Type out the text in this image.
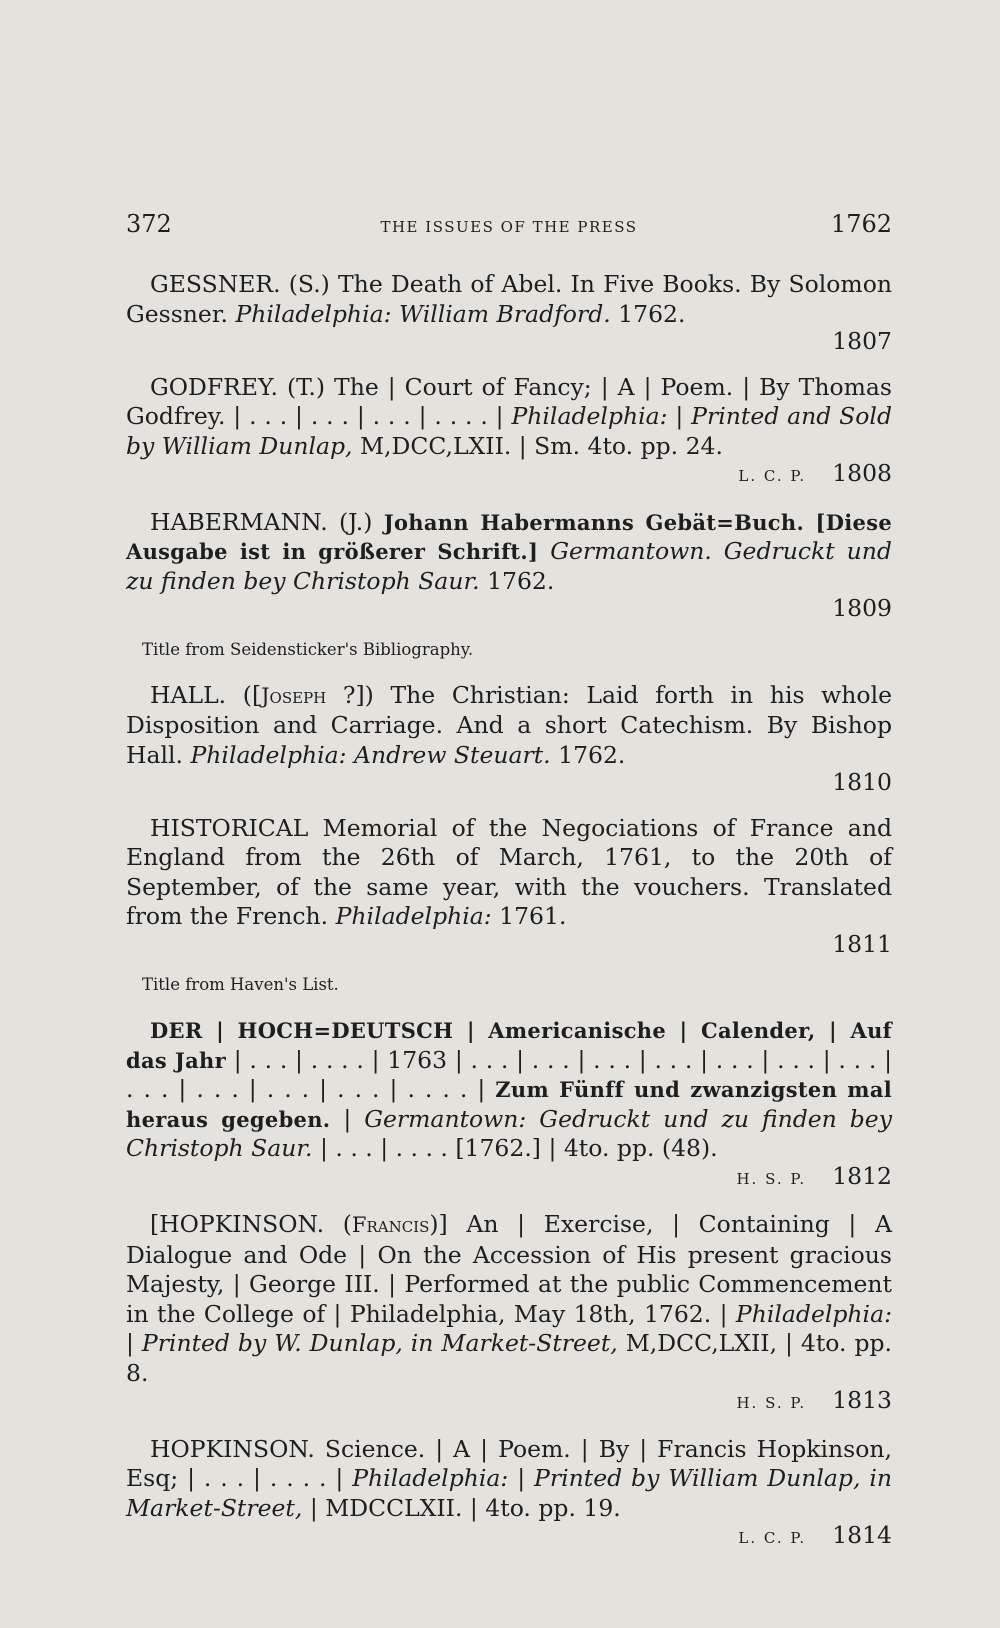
372	THE ISSUES OF THE PRESS	1762
GESSNER. (S.) The Death of Abel. In Five Books. By Solomon Gessner. Philadelphia: William Bradford. 1762.
1807
GODFREY. (T.) The | Court of Fancy; | A | Poem. | By Thomas Godfrey. | . . . | . . . | . . . | . . . . | Philadelphia: | Printed and Sold by William Dunlap, M,DCC,LXII. | Sm. 4to. pp. 24.
L. C. P. 1808
HABERMANN. (J.) Johann Habermanns Gebät=Buch. [Diese Ausgabe ist in größerer Schrift.] Germantown. Gedruckt und zu finden bey Christoph Saur. 1762.
1809
Title from Seidensticker's Bibliography.
HALL. ([Joseph ?]) The Christian: Laid forth in his whole Disposition and Carriage. And a short Catechism. By Bishop Hall. Philadelphia: Andrew Steuart. 1762.
1810
HISTORICAL Memorial of the Negociations of France and England from the 26th of March, 1761, to the 20th of September, of the same year, with the vouchers. Translated from the French. Philadelphia: 1761.
1811
Title from Haven's List.
DER | HOCH=DEUTSCH | Americanische | Calender, | Auf das Jahr | . . . | . . . . | 1763 | . . . | . . . | . . . | . . . | . . . | . . . | . . . | . . . | . . . | . . . | . . . | . . . . | Zum Fünff und zwanzigsten mal heraus gegeben. | Germantown: Gedruckt und zu finden bey Christoph Saur. | . . . | . . . . [1762.] | 4to. pp. (48).
H. S. P. 1812
[HOPKINSON. (Francis)] An | Exercise, | Containing | A Dialogue and Ode | On the Accession of His present gracious Majesty, | George III. | Performed at the public Commencement in the College of | Philadelphia, May 18th, 1762. | Philadelphia: | Printed by W. Dunlap, in Market-Street, M,DCC,LXII, | 4to. pp. 8.
H. S. P. 1813
HOPKINSON. Science. | A | Poem. | By | Francis Hopkinson, Esq; | . . . | . . . . | Philadelphia: | Printed by William Dunlap, in Market-Street, | MDCCLXII. | 4to. pp. 19.
L. C. P. 1814
